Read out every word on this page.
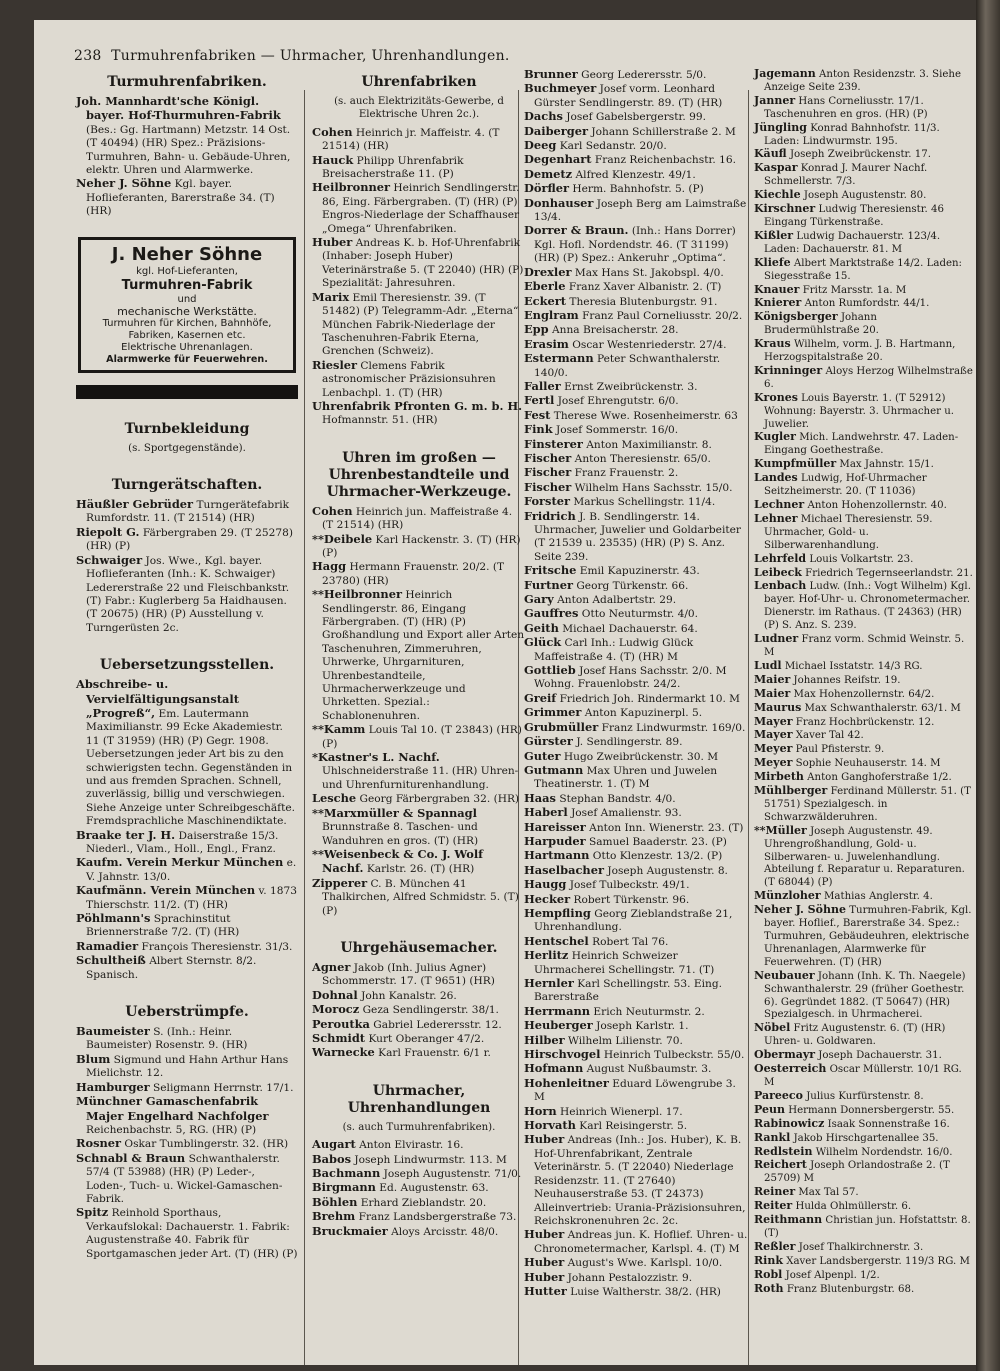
238 Turmuhrenfabriken — Uhrmacher, Uhrenhandlungen.
Turmuhrenfabriken.

Joh. Mannhardt'sche Königl. bayer. Hof-Thurmuhren-Fabrik (Bes.: Gg. Hartmann) Metzstr. 14 Ost. (T 40494) (HR) Spez.: Präzisions-Turmuhren, Bahn- u. Gebäude-Uhren, elektr. Uhren und Alarmwerke.

Neher J. Söhne Kgl. bayer. Hoflieferanten, Barerstraße 34. (T) (HR)

J. Neher Söhne
kgl. Hof-Lieferanten,
Turmuhren-Fabrik
und
mechanische Werkstätte.
Turmuhren für Kirchen, Bahnhöfe, Fabriken, Kasernen etc.
Elektrische Uhrenanlagen.
Alarmwerke für Feuerwehren.
Turnbekleidung
(s. Sportgegenstände).
Turngerätschaften.

Häußler Gebrüder Turngerätefabrik Rumfordstr. 11. (T 21514) (HR)

Riepolt G. Färbergraben 29. (T 25278) (HR) (P)

Schwaiger Jos. Wwe., Kgl. bayer. Hoflieferanten (Inh.: K. Schwaiger) Ledererstraße 22 und Fleischbankstr. (T) Fabr.: Kuglerberg 5a Haidhausen. (T 20675) (HR) (P) Ausstellung v. Turngerüsten 2c.

Uebersetzungsstellen.

Abschreibe- u. Vervielfältigungsanstalt „Progreß“, Em. Lautermann Maximilianstr. 99 Ecke Akademiestr. 11 (T 31959) (HR) (P) Gegr. 1908. Uebersetzungen jeder Art bis zu den schwierigsten techn. Gegenständen in und aus fremden Sprachen. Schnell, zuverlässig, billig und verschwiegen. Siehe Anzeige unter Schreibgeschäfte. Fremdsprachliche Maschinendiktate.

Braake ter J. H. Daiserstraße 15/3. Niederl., Vlam., Holl., Engl., Franz.

Kaufm. Verein Merkur München e. V. Jahnstr. 13/0.

Kaufmänn. Verein München v. 1873 Thierschstr. 11/2. (T) (HR)

Pöhlmann's Sprachinstitut Briennerstraße 7/2. (T) (HR)

Ramadier François Theresienstr. 31/3.

Schultheiß Albert Sternstr. 8/2. Spanisch.

Ueberstrümpfe.

Baumeister S. (Inh.: Heinr. Baumeister) Rosenstr. 9. (HR)

Blum Sigmund und Hahn Arthur Hans Mielichstr. 12.

Hamburger Seligmann Herrnstr. 17/1.

Münchner Gamaschenfabrik Majer Engelhard Nachfolger Reichenbachstr. 5, RG. (HR) (P)

Rosner Oskar Tumblingerstr. 32. (HR)

Schnabl & Braun Schwanthalerstr. 57/4 (T 53988) (HR) (P) Leder-, Loden-, Tuch- u. Wickel-Gamaschen-Fabrik.

Spitz Reinhold Sporthaus, Verkaufslokal: Dachauerstr. 1. Fabrik: Augustenstraße 40. Fabrik für Sportgamaschen jeder Art. (T) (HR) (P)

Uhrenfabriken
(s. auch Elektrizitäts-Gewerbe, d Elektrische Uhren 2c.).

Cohen Heinrich jr. Maffeistr. 4. (T 21514) (HR)

Hauck Philipp Uhrenfabrik Breisacherstraße 11. (P)

Heilbronner Heinrich Sendlingerstr. 86, Eing. Färbergraben. (T) (HR) (P) Engros-Niederlage der Schaffhauser „Omega“ Uhrenfabriken.

Huber Andreas K. b. Hof-Uhrenfabrik (Inhaber: Joseph Huber) Veterinärstraße 5. (T 22040) (HR) (P) Spezialität: Jahresuhren.

Marix Emil Theresienstr. 39. (T 51482) (P) Telegramm-Adr. „Eterna“ München Fabrik-Niederlage der Taschenuhren-Fabrik Eterna, Grenchen (Schweiz).

Riesler Clemens Fabrik astronomischer Präzisionsuhren Lenbachpl. 1. (T) (HR)

Uhrenfabrik Pfronten G. m. b. H. Hofmannstr. 51. (HR)

Uhren im großen — Uhrenbestandteile und Uhrmacher-Werkzeuge.

Cohen Heinrich jun. Maffeistraße 4. (T 21514) (HR)

**Deibele Karl Hackenstr. 3. (T) (HR) (P)

Hagg Hermann Frauenstr. 20/2. (T 23780) (HR)

**Heilbronner Heinrich Sendlingerstr. 86, Eingang Färbergraben. (T) (HR) (P) Großhandlung und Export aller Arten Taschenuhren, Zimmeruhren, Uhrwerke, Uhrgarnituren, Uhrenbestandteile, Uhrmacherwerkzeuge und Uhrketten. Spezial.: Schablonenuhren.

**Kamm Louis Tal 10. (T 23843) (HR) (P)

*Kastner's L. Nachf. Uhlschneiderstraße 11. (HR) Uhren- und Uhrenfurniturenhandlung.

Lesche Georg Färbergraben 32. (HR)

**Marxmüller & Spannagl Brunnstraße 8. Taschen- und Wanduhren en gros. (T) (HR)

**Weisenbeck & Co. J. Wolf Nachf. Karlstr. 26. (T) (HR)

Zipperer C. B. München 41 Thalkirchen, Alfred Schmidstr. 5. (T) (P)

Uhrgehäusemacher.

Agner Jakob (Inh. Julius Agner) Schommerstr. 17. (T 9651) (HR)

Dohnal John Kanalstr. 26.

Morocz Geza Sendlingerstr. 38/1.

Peroutka Gabriel Lederersstr. 12.

Schmidt Kurt Oberanger 47/2.

Warnecke Karl Frauenstr. 6/1 r.

Uhrmacher, Uhrenhandlungen
(s. auch Turmuhrenfabriken).

Augart Anton Elvirastr. 16.

Babos Joseph Lindwurmstr. 113. M

Bachmann Joseph Augustenstr. 71/0.

Birgmann Ed. Augustenstr. 63.

Böhlen Erhard Zieblandstr. 20.

Brehm Franz Landsbergerstraße 73.

Bruckmaier Aloys Arcisstr. 48/0.

Brunner Georg Lederersstr. 5/0.

Buchmeyer Josef vorm. Leonhard Gürster Sendlingerstr. 89. (T) (HR)

Dachs Josef Gabelsbergerstr. 99.

Daiberger Johann Schillerstraße 2. M

Deeg Karl Sedanstr. 20/0.

Degenhart Franz Reichenbachstr. 16.

Demetz Alfred Klenzestr. 49/1.

Dörfler Herm. Bahnhofstr. 5. (P)

Donhauser Joseph Berg am Laimstraße 13/4.

Dorrer & Braun. (Inh.: Hans Dorrer) Kgl. Hofl. Nordendstr. 46. (T 31199) (HR) (P) Spez.: Ankeruhr „Optima“.

Drexler Max Hans St. Jakobspl. 4/0.

Eberle Franz Xaver Albanistr. 2. (T)

Eckert Theresia Blutenburgstr. 91.

Englram Franz Paul Corneliusstr. 20/2.

Epp Anna Breisacherstr. 28.

Erasim Oscar Westenriederstr. 27/4.

Estermann Peter Schwanthalerstr. 140/0.

Faller Ernst Zweibrückenstr. 3.

Fertl Josef Ehrengutstr. 6/0.

Fest Therese Wwe. Rosenheimerstr. 63

Fink Josef Sommerstr. 16/0.

Finsterer Anton Maximilianstr. 8.

Fischer Anton Theresienstr. 65/0.

Fischer Franz Frauenstr. 2.

Fischer Wilhelm Hans Sachsstr. 15/0.

Forster Markus Schellingstr. 11/4.

Fridrich J. B. Sendlingerstr. 14. Uhrmacher, Juwelier und Goldarbeiter (T 21539 u. 23535) (HR) (P) S. Anz. Seite 239.

Fritsche Emil Kapuzinerstr. 43.

Furtner Georg Türkenstr. 66.

Gary Anton Adalbertstr. 29.

Gauffres Otto Neuturmstr. 4/0.

Geith Michael Dachauerstr. 64.

Glück Carl Inh.: Ludwig Glück Maffeistraße 4. (T) (HR) M

Gottlieb Josef Hans Sachsstr. 2/0. M Wohng. Frauenlobstr. 24/2.

Greif Friedrich Joh. Rindermarkt 10. M

Grimmer Anton Kapuzinerpl. 5.

Grubmüller Franz Lindwurmstr. 169/0.

Gürster J. Sendlingerstr. 89.

Guter Hugo Zweibrückenstr. 30. M

Gutmann Max Uhren und Juwelen Theatinerstr. 1. (T) M

Haas Stephan Bandstr. 4/0.

Haberl Josef Amalienstr. 93.

Hareisser Anton Inn. Wienerstr. 23. (T)

Harpuder Samuel Baaderstr. 23. (P)

Hartmann Otto Klenzestr. 13/2. (P)

Haselbacher Joseph Augustenstr. 8.

Haugg Josef Tulbeckstr. 49/1.

Hecker Robert Türkenstr. 96.

Hempfling Georg Zieblandstraße 21, Uhrenhandlung.

Hentschel Robert Tal 76.

Herlitz Heinrich Schweizer Uhrmacherei Schellingstr. 71. (T)

Hernler Karl Schellingstr. 53. Eing. Barerstraße

Herrmann Erich Neuturmstr. 2.

Heuberger Joseph Karlstr. 1.

Hilber Wilhelm Lilienstr. 70.

Hirschvogel Heinrich Tulbeckstr. 55/0.

Hofmann August Nußbaumstr. 3.

Hohenleitner Eduard Löwengrube 3. M

Horn Heinrich Wienerpl. 17.

Horvath Karl Reisingerstr. 5.

Huber Andreas (Inh.: Jos. Huber), K. B. Hof-Uhrenfabrikant, Zentrale Veterinärstr. 5. (T 22040) Niederlage Residenzstr. 11. (T 27640) Neuhauserstraße 53. (T 24373) Alleinvertrieb: Urania-Präzisionsuhren, Reichskronenuhren 2c. 2c.

Huber Andreas jun. K. Hoflief. Uhren- u. Chronometermacher, Karlspl. 4. (T) M

Huber August's Wwe. Karlspl. 10/0.

Huber Johann Pestalozzistr. 9.

Hutter Luise Waltherstr. 38/2. (HR)

Jagemann Anton Residenzstr. 3. Siehe Anzeige Seite 239.

Janner Hans Corneliusstr. 17/1. Taschenuhren en gros. (HR) (P)

Jüngling Konrad Bahnhofstr. 11/3. Laden: Lindwurmstr. 195.

Käufl Joseph Zweibrückenstr. 17.

Kaspar Konrad J. Maurer Nachf. Schmellerstr. 7/3.

Kiechle Joseph Augustenstr. 80.

Kirschner Ludwig Theresienstr. 46 Eingang Türkenstraße.

Kißler Ludwig Dachauerstr. 123/4. Laden: Dachauerstr. 81. M

Kliefe Albert Marktstraße 14/2. Laden: Siegesstraße 15.

Knauer Fritz Marsstr. 1a. M

Knierer Anton Rumfordstr. 44/1.

Königsberger Johann Brudermühlstraße 20.

Kraus Wilhelm, vorm. J. B. Hartmann, Herzogspitalstraße 20.

Krinninger Aloys Herzog Wilhelmstraße 6.

Krones Louis Bayerstr. 1. (T 52912) Wohnung: Bayerstr. 3. Uhrmacher u. Juwelier.

Kugler Mich. Landwehrstr. 47. Laden-Eingang Goethestraße.

Kumpfmüller Max Jahnstr. 15/1.

Landes Ludwig, Hof-Uhrmacher Seitzheimerstr. 20. (T 11036)

Lechner Anton Hohenzollernstr. 40.

Lehner Michael Theresienstr. 59. Uhrmacher, Gold- u. Silberwarenhandlung.

Lehrfeld Louis Volkartstr. 23.

Leibeck Friedrich Tegernseerlandstr. 21.

Lenbach Ludw. (Inh.: Vogt Wilhelm) Kgl. bayer. Hof-Uhr- u. Chronometermacher. Dienerstr. im Rathaus. (T 24363) (HR) (P) S. Anz. S. 239.

Ludner Franz vorm. Schmid Weinstr. 5. M

Ludl Michael Isstatstr. 14/3 RG.

Maier Johannes Reifstr. 19.

Maier Max Hohenzollernstr. 64/2.

Maurus Max Schwanthalerstr. 63/1. M

Mayer Franz Hochbrückenstr. 12.

Mayer Xaver Tal 42.

Meyer Paul Pfisterstr. 9.

Meyer Sophie Neuhauserstr. 14. M

Mirbeth Anton Ganghoferstraße 1/2.

Mühlberger Ferdinand Müllerstr. 51. (T 51751) Spezialgesch. in Schwarzwälderuhren.

**Müller Joseph Augustenstr. 49. Uhrengroßhandlung, Gold- u. Silberwaren- u. Juwelenhandlung. Abteilung f. Reparatur u. Reparaturen. (T 68044) (P)

Münzloher Mathias Anglerstr. 4.

Neher J. Söhne Turmuhren-Fabrik, Kgl. bayer. Hoflief., Barerstraße 34. Spez.: Turmuhren, Gebäudeuhren, elektrische Uhrenanlagen, Alarmwerke für Feuerwehren. (T) (HR)

Neubauer Johann (Inh. K. Th. Naegele) Schwanthalerstr. 29 (früher Goethestr. 6). Gegründet 1882. (T 50647) (HR) Spezialgesch. in Uhrmacherei.

Nöbel Fritz Augustenstr. 6. (T) (HR) Uhren- u. Goldwaren.

Obermayr Joseph Dachauerstr. 31.

Oesterreich Oscar Müllerstr. 10/1 RG. M

Pareeco Julius Kurfürstenstr. 8.

Peun Hermann Donnersbergerstr. 55.

Rabinowicz Isaak Sonnenstraße 16.

Rankl Jakob Hirschgartenallee 35.

Redlstein Wilhelm Nordendstr. 16/0.

Reichert Joseph Orlandostraße 2. (T 25709) M

Reiner Max Tal 57.

Reiter Hulda Ohlmüllerstr. 6.

Reithmann Christian jun. Hofstattstr. 8. (T)

Reßler Josef Thalkirchnerstr. 3.

Rink Xaver Landsbergerstr. 119/3 RG. M

Robl Josef Alpenpl. 1/2.

Roth Franz Blutenburgstr. 68.
